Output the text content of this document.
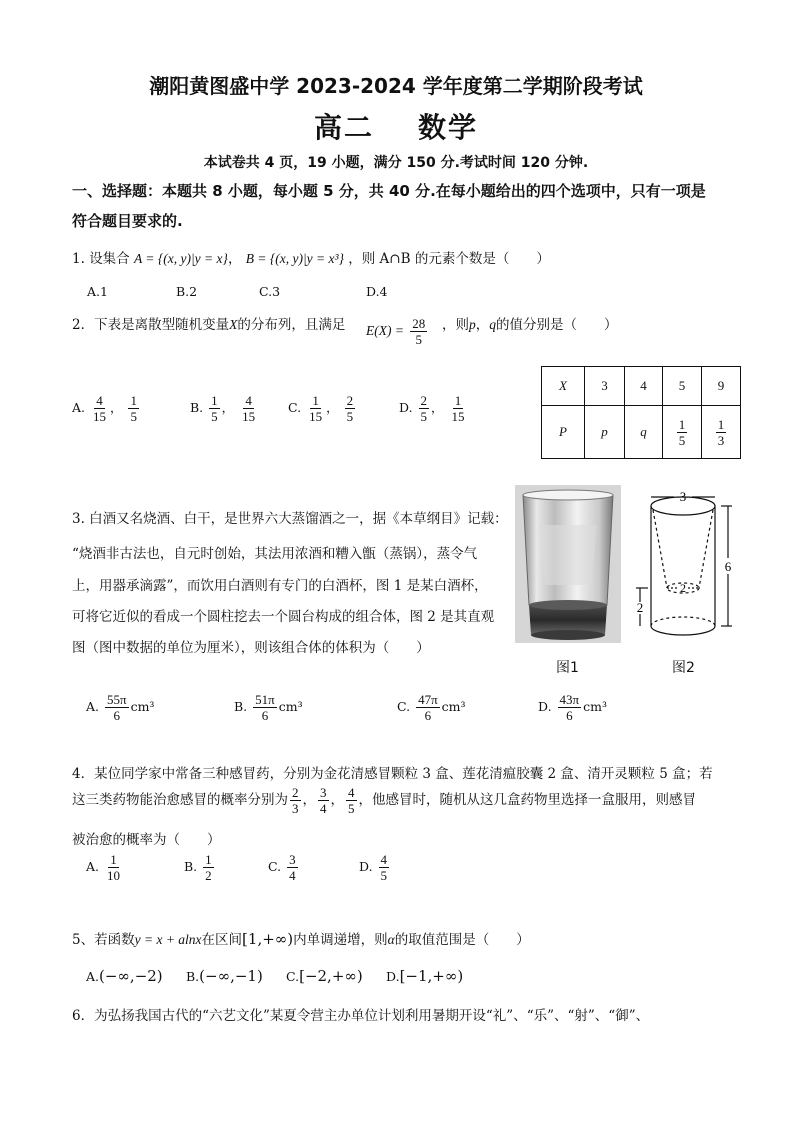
潮阳黄图盛中学 2023-2024 学年度第二学期阶段考试
高二 数学
本试卷共 4 页，19 小题，满分 150 分.考试时间 120 分钟.
一、选择题：本题共 8 小题，每小题 5 分，共 40 分.在每小题给出的四个选项中，只有一项是
符合题目要求的.
1. 设集合 A = {(x, y)|y = x}， B = {(x, y)|y = x³} ，则 A∩B 的元素个数是（　　）
A.1	B.2	C.3	D.4
2．下表是离散型随机变量X的分布列，且满足 $E(X) = \frac{28}{5}$ ，则p，q的值分别是（　　）
A. $\frac{4}{15}$ ， $\frac{1}{5}$	B. $\frac{1}{5}$ ， $\frac{4}{15} C$. $\frac{1}{15}$ ， $\frac{2}{5}$	D. $\frac{2}{5}$ ， $\frac{1}{15}$
X	3	4	5	9
P	p	q	$\frac{1}{5}$	$\frac{1}{3}$
3. 白酒又名烧酒、白干，是世界六大蒸馏酒之一，据《本草纲目》记载：
“烧酒非古法也，自元时创始，其法用浓酒和糟入甑（蒸锅），蒸令气
上，用器承滴露”，而饮用白酒则有专门的白酒杯，图 1 是某白酒杯，
可将它近似的看成一个圆柱挖去一个圆台构成的组合体，图 2 是其直观
图（图中数据的单位为厘米），则该组合体的体积为（　　）
3
2
6
2
图1	图2
A. $\frac{55\pi}{6} cm^3$	B. $\frac{51\pi}{6} cm^3$	C. $\frac{47\pi}{6} cm^3$	D. $\frac{43\pi}{6} cm^3$
4．某位同学家中常备三种感冒药，分别为金花清感冒颗粒 3 盒、莲花清瘟胶囊 2 盒、清开灵颗粒 5 盒；若
这三类药物能治愈感冒的概率分别为 $\frac{2}{3}$ ， $\frac{3}{4}$ ， $\frac{4}{5}$ ，他感冒时，随机从这几盒药物里选择一盒服用，则感冒
被治愈的概率为（　　）
A. $\frac{1}{10}$	B. $\frac{1}{2}$	C. $\frac{3}{4}$	D. $\frac{4}{5}$
5、若函数y = x + alnx在区间[1,+∞)内单调递增，则α的取值范围是（　　）
A.(−∞,−2) B.(−∞,−1) C.[−2,+∞) D.[−1,+∞)
6．为弘扬我国古代的“六艺文化”某夏令营主办单位计划利用暑期开设“礼”、“乐”、“射”、“御”、
